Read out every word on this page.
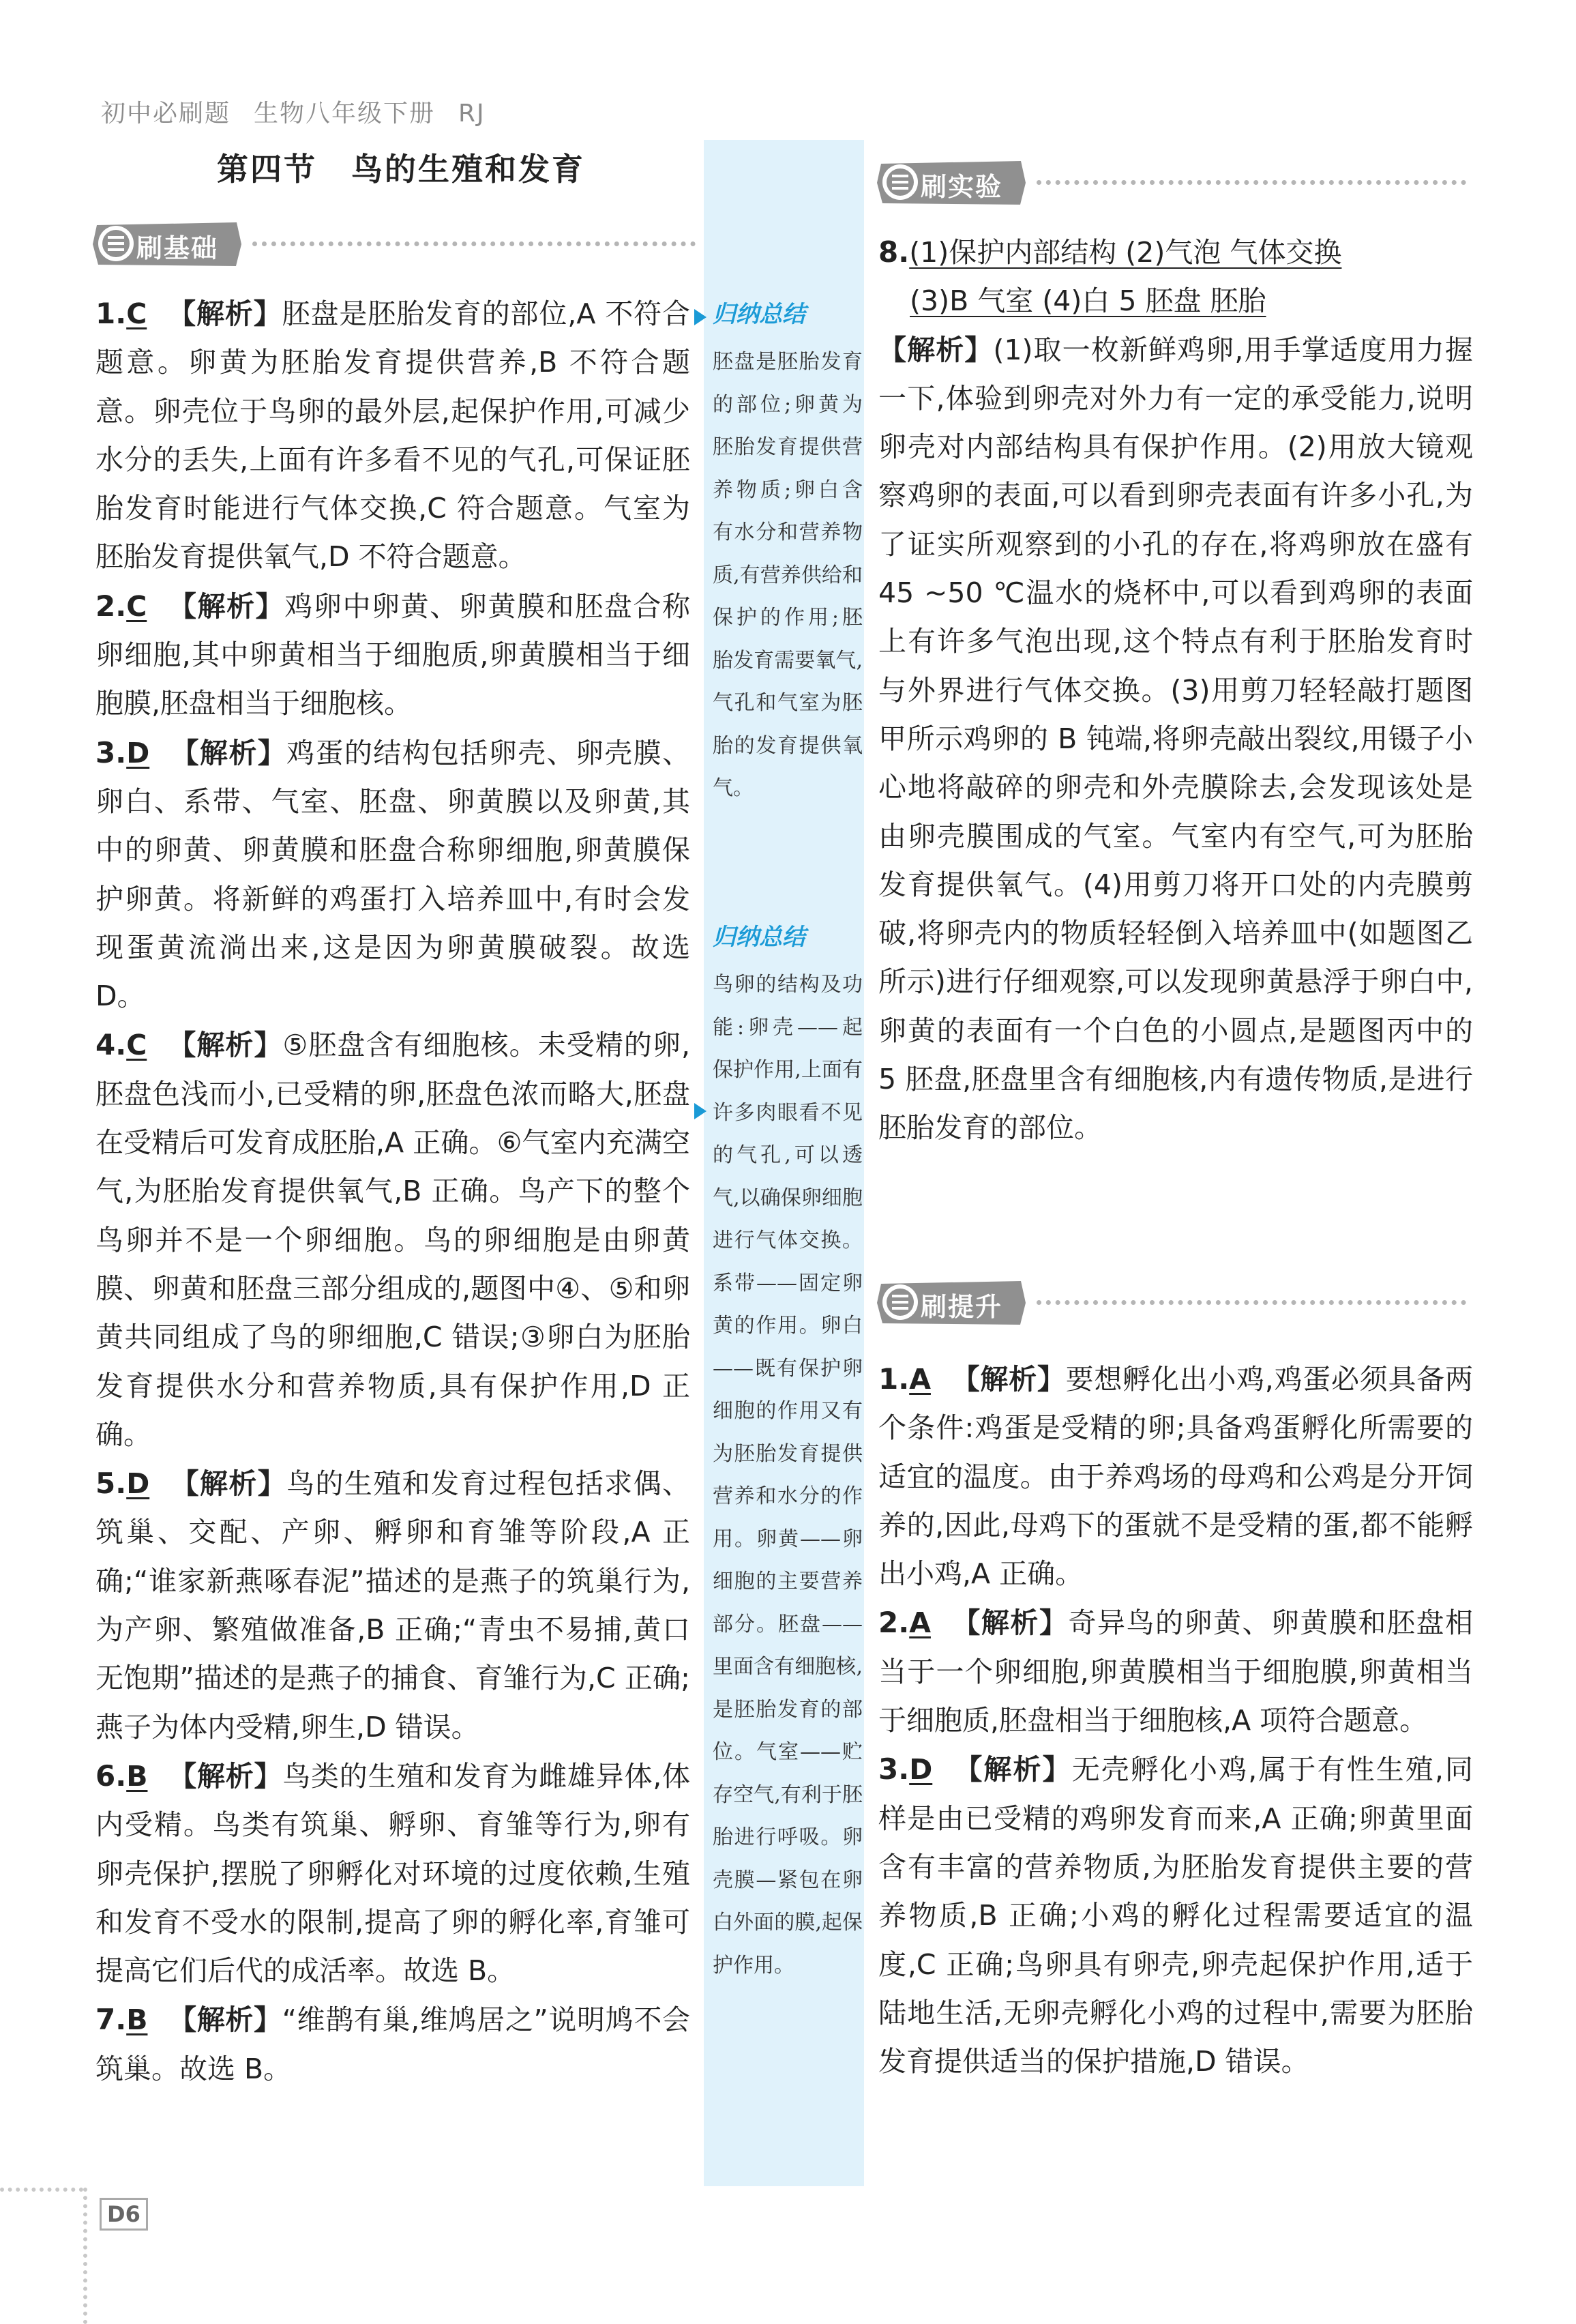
初中必刷题 生物八年级下册 RJ
第四节 鸟的生殖和发育
刷基础

1.C 【解析】胚盘是胚胎发育的部位,A 不符合题意。卵黄为胚胎发育提供营养,B 不符合题意。卵壳位于鸟卵的最外层,起保护作用,可减少水分的丢失,上面有许多看不见的气孔,可保证胚胎发育时能进行气体交换,C 符合题意。气室为胚胎发育提供氧气,D 不符合题意。

2.C 【解析】鸡卵中卵黄、卵黄膜和胚盘合称卵细胞,其中卵黄相当于细胞质,卵黄膜相当于细胞膜,胚盘相当于细胞核。

3.D 【解析】鸡蛋的结构包括卵壳、卵壳膜、卵白、系带、气室、胚盘、卵黄膜以及卵黄,其中的卵黄、卵黄膜和胚盘合称卵细胞,卵黄膜保护卵黄。将新鲜的鸡蛋打入培养皿中,有时会发现蛋黄流淌出来,这是因为卵黄膜破裂。故选 D。

4.C 【解析】⑤胚盘含有细胞核。未受精的卵,胚盘色浅而小,已受精的卵,胚盘色浓而略大,胚盘在受精后可发育成胚胎,A 正确。⑥气室内充满空气,为胚胎发育提供氧气,B 正确。鸟产下的整个鸟卵并不是一个卵细胞。鸟的卵细胞是由卵黄膜、卵黄和胚盘三部分组成的,题图中④、⑤和卵黄共同组成了鸟的卵细胞,C 错误;③卵白为胚胎发育提供水分和营养物质,具有保护作用,D 正确。

5.D 【解析】鸟的生殖和发育过程包括求偶、筑巢、交配、产卵、孵卵和育雏等阶段,A 正确;“谁家新燕啄春泥”描述的是燕子的筑巢行为,为产卵、繁殖做准备,B 正确;“青虫不易捕,黄口无饱期”描述的是燕子的捕食、育雏行为,C 正确;燕子为体内受精,卵生,D 错误。

6.B 【解析】鸟类的生殖和发育为雌雄异体,体内受精。鸟类有筑巢、孵卵、育雏等行为,卵有卵壳保护,摆脱了卵孵化对环境的过度依赖,生殖和发育不受水的限制,提高了卵的孵化率,育雏可提高它们后代的成活率。故选 B。

7.B 【解析】“维鹊有巢,维鸠居之”说明鸠不会筑巢。故选 B。

归纳总结

胚盘是胚胎发育的部位;卵黄为胚胎发育提供营养物质;卵白含有水分和营养物质,有营养供给和保护的作用;胚胎发育需要氧气,气孔和气室为胚胎的发育提供氧气。

归纳总结

鸟卵的结构及功能:卵壳——起保护作用,上面有许多肉眼看不见的气孔,可以透气,以确保卵细胞进行气体交换。系带——固定卵黄的作用。卵白——既有保护卵细胞的作用又有为胚胎发育提供营养和水分的作用。卵黄——卵细胞的主要营养部分。胚盘——里面含有细胞核,是胚胎发育的部位。气室——贮存空气,有利于胚胎进行呼吸。卵壳膜—紧包在卵白外面的膜,起保护作用。

刷实验

8.(1)保护内部结构 (2)气泡 气体交换

(3)B 气室 (4)白 5 胚盘 胚胎

【解析】(1)取一枚新鲜鸡卵,用手掌适度用力握一下,体验到卵壳对外力有一定的承受能力,说明卵壳对内部结构具有保护作用。(2)用放大镜观察鸡卵的表面,可以看到卵壳表面有许多小孔,为了证实所观察到的小孔的存在,将鸡卵放在盛有 45 ~50 ℃温水的烧杯中,可以看到鸡卵的表面上有许多气泡出现,这个特点有利于胚胎发育时与外界进行气体交换。(3)用剪刀轻轻敲打题图甲所示鸡卵的 B 钝端,将卵壳敲出裂纹,用镊子小心地将敲碎的卵壳和外壳膜除去,会发现该处是由卵壳膜围成的气室。气室内有空气,可为胚胎发育提供氧气。(4)用剪刀将开口处的内壳膜剪破,将卵壳内的物质轻轻倒入培养皿中(如题图乙所示)进行仔细观察,可以发现卵黄悬浮于卵白中,卵黄的表面有一个白色的小圆点,是题图丙中的 5 胚盘,胚盘里含有细胞核,内有遗传物质,是进行胚胎发育的部位。

刷提升

1.A 【解析】要想孵化出小鸡,鸡蛋必须具备两个条件:鸡蛋是受精的卵;具备鸡蛋孵化所需要的适宜的温度。由于养鸡场的母鸡和公鸡是分开饲养的,因此,母鸡下的蛋就不是受精的蛋,都不能孵出小鸡,A 正确。

2.A 【解析】奇异鸟的卵黄、卵黄膜和胚盘相当于一个卵细胞,卵黄膜相当于细胞膜,卵黄相当于细胞质,胚盘相当于细胞核,A 项符合题意。

3.D 【解析】无壳孵化小鸡,属于有性生殖,同样是由已受精的鸡卵发育而来,A 正确;卵黄里面含有丰富的营养物质,为胚胎发育提供主要的营养物质,B 正确;小鸡的孵化过程需要适宜的温度,C 正确;鸟卵具有卵壳,卵壳起保护作用,适于陆地生活,无卵壳孵化小鸡的过程中,需要为胚胎发育提供适当的保护措施,D 错误。

D6
